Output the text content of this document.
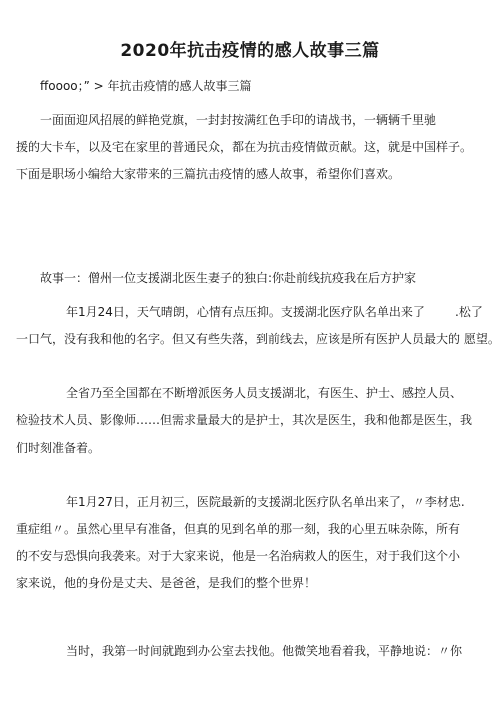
2020年抗击疫情的感人故事三篇
ffoooo；” > 年抗击疫情的感人故事三篇
一面面迎风招展的鲜艳党旗，一封封按满红色手印的请战书，一辆辆千里驰
援的大卡车，以及宅在家里的普通民众，都在为抗击疫情做贡献。这，就是中国样子。
下面是职场小编给大家带来的三篇抗击疫情的感人故事，希望你们喜欢。
故事一：僧州一位支援湖北医生妻子的独白:你赴前线抗疫我在后方护家
年1月24日，天气晴朗，心情有点压抑。支援湖北医疗队名单出来了	.松了
一口气，没有我和他的名字。但又有些失落，到前线去，应该是所有医护人员最大的 愿望。
全省乃至全国都在不断增派医务人员支援湖北，有医生、护士、感控人员、
检验技术人员、影像师……但需求量最大的是护士，其次是医生，我和他都是医生，我
们时刻准备着。
年1月27日，正月初三，医院最新的支援湖北医疗队名单出来了，〃李材忠.
重症组〃。虽然心里早有准备，但真的见到名单的那一刻，我的心里五味杂陈，所有
的不安与恐惧向我袭来。对于大家来说，他是一名治病救人的医生，对于我们这个小
家来说，他的身份是丈夫、是爸爸，是我们的整个世界！
当时，我第一时间就跑到办公室去找他。他微笑地看着我，平静地说：〃你
